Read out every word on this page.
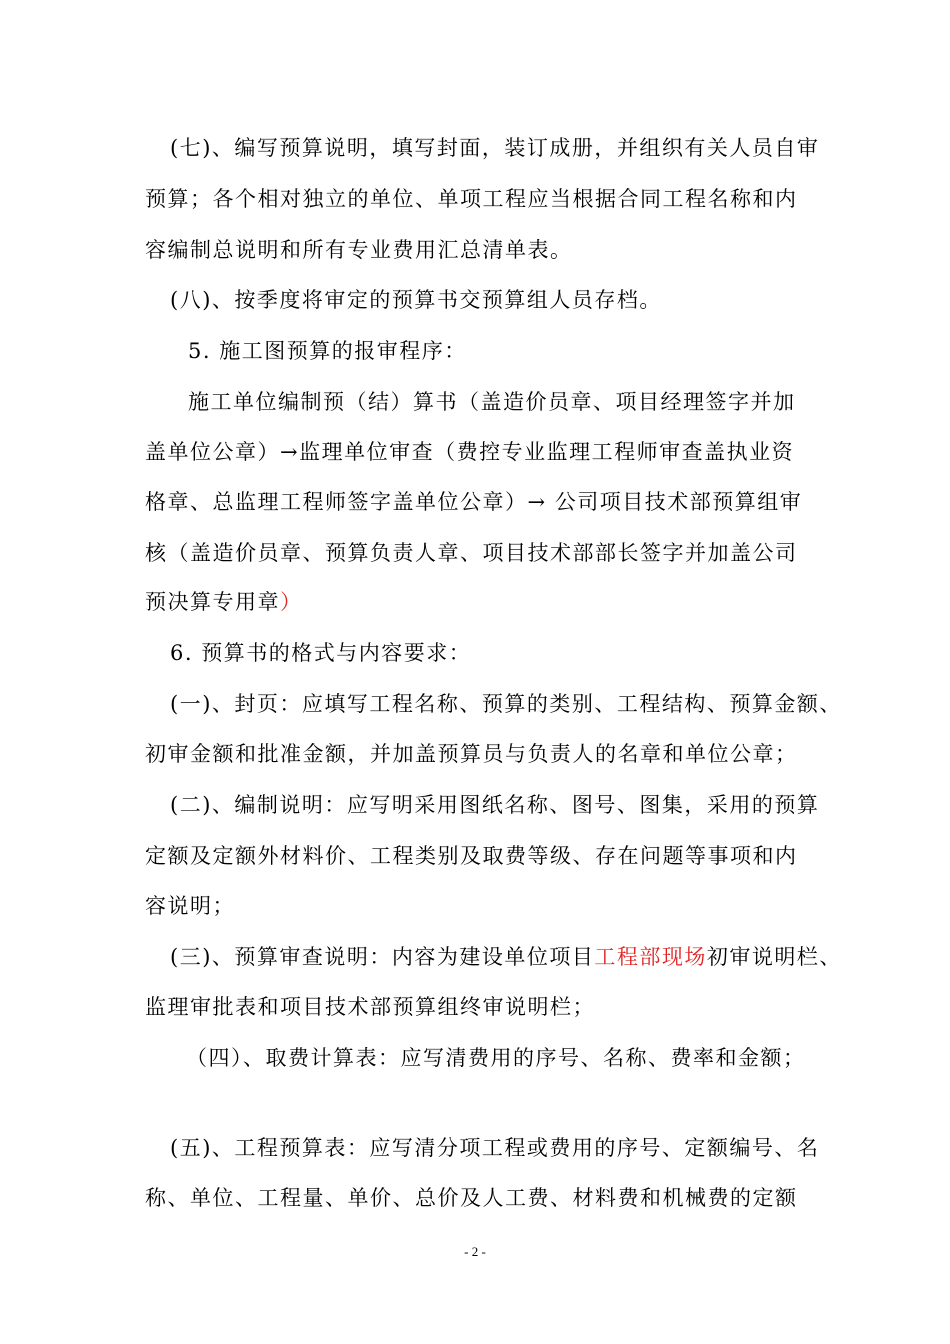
(七)、编写预算说明，填写封面，装订成册，并组织有关人员自审
预算；各个相对独立的单位、单项工程应当根据合同工程名称和内
容编制总说明和所有专业费用汇总清单表。
(八)、按季度将审定的预算书交预算组人员存档。
5. 施工图预算的报审程序：
施工单位编制预（结）算书（盖造价员章、项目经理签字并加
盖单位公章）→监理单位审查（费控专业监理工程师审查盖执业资
格章、总监理工程师签字盖单位公章）→ 公司项目技术部预算组审
核（盖造价员章、预算负责人章、项目技术部部长签字并加盖公司
预决算专用章）
6. 预算书的格式与内容要求：
(一)、封页：应填写工程名称、预算的类别、工程结构、预算金额、
初审金额和批准金额，并加盖预算员与负责人的名章和单位公章；
(二)、编制说明：应写明采用图纸名称、图号、图集，采用的预算
定额及定额外材料价、工程类别及取费等级、存在问题等事项和内
容说明；
(三)、预算审查说明：内容为建设单位项目工程部现场初审说明栏、
监理审批表和项目技术部预算组终审说明栏；
（四）、取费计算表：应写清费用的序号、名称、费率和金额；
(五)、工程预算表：应写清分项工程或费用的序号、定额编号、名
称、单位、工程量、单价、总价及人工费、材料费和机械费的定额
- 2 -
